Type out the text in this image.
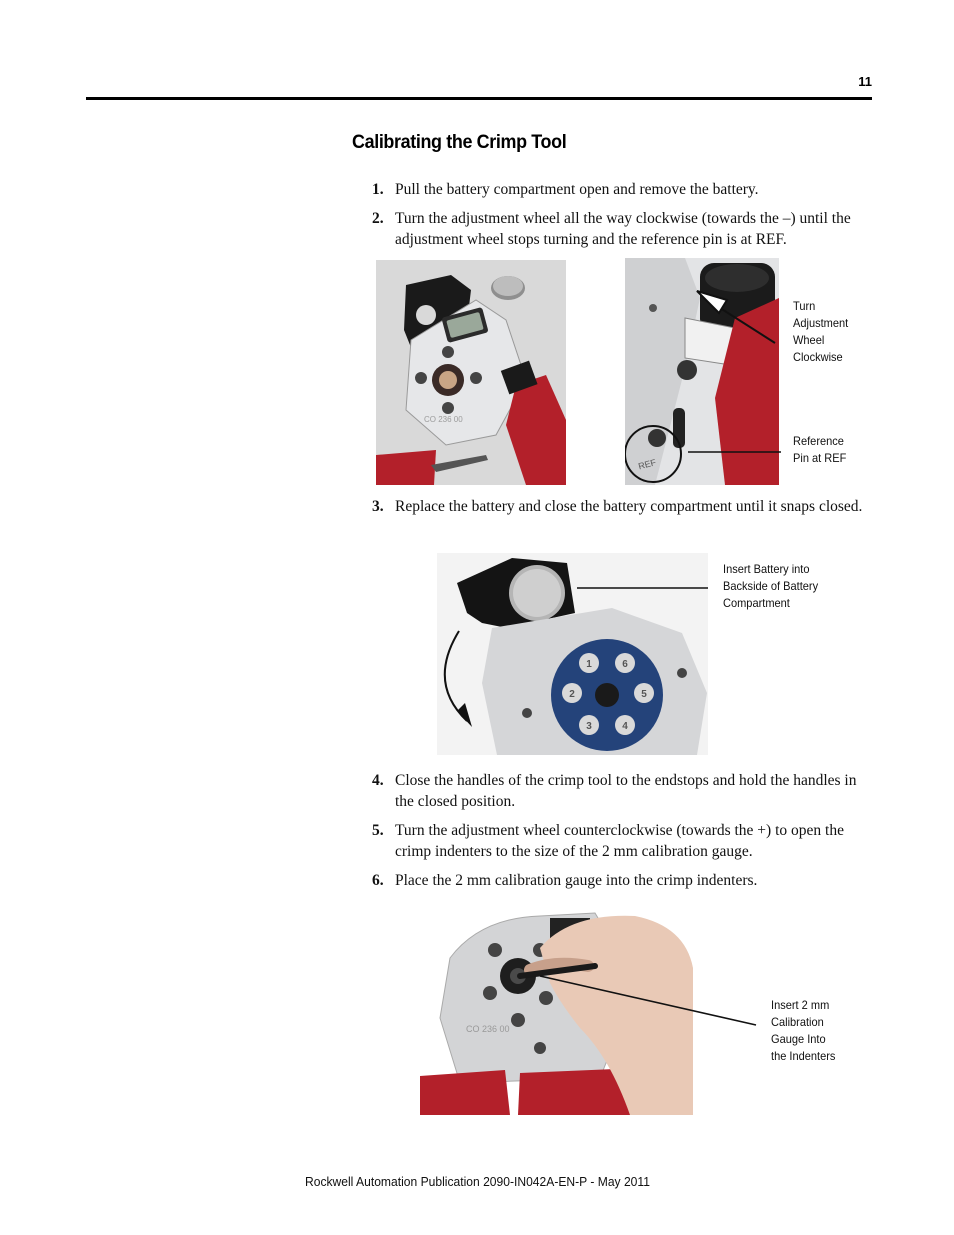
11
Calibrating the Crimp Tool
1. Pull the battery compartment open and remove the battery.
2. Turn the adjustment wheel all the way clockwise (towards the –) until the adjustment wheel stops turning and the reference pin is at REF.
CO 236 00
REF
Turn
Adjustment
Wheel
Clockwise
Reference
Pin at REF
3. Replace the battery and close the battery compartment until it snaps closed.
1	6
2	5
3	4
Insert Battery into
Backside of Battery
Compartment
4. Close the handles of the crimp tool to the endstops and hold the handles in the closed position.
5. Turn the adjustment wheel counterclockwise (towards the +) to open the crimp indenters to the size of the 2 mm calibration gauge.
6. Place the 2 mm calibration gauge into the crimp indenters.
CO 236 00
Insert 2 mm
Calibration
Gauge Into
the Indenters
Rockwell Automation Publication 2090-IN042A-EN-P - May 2011
